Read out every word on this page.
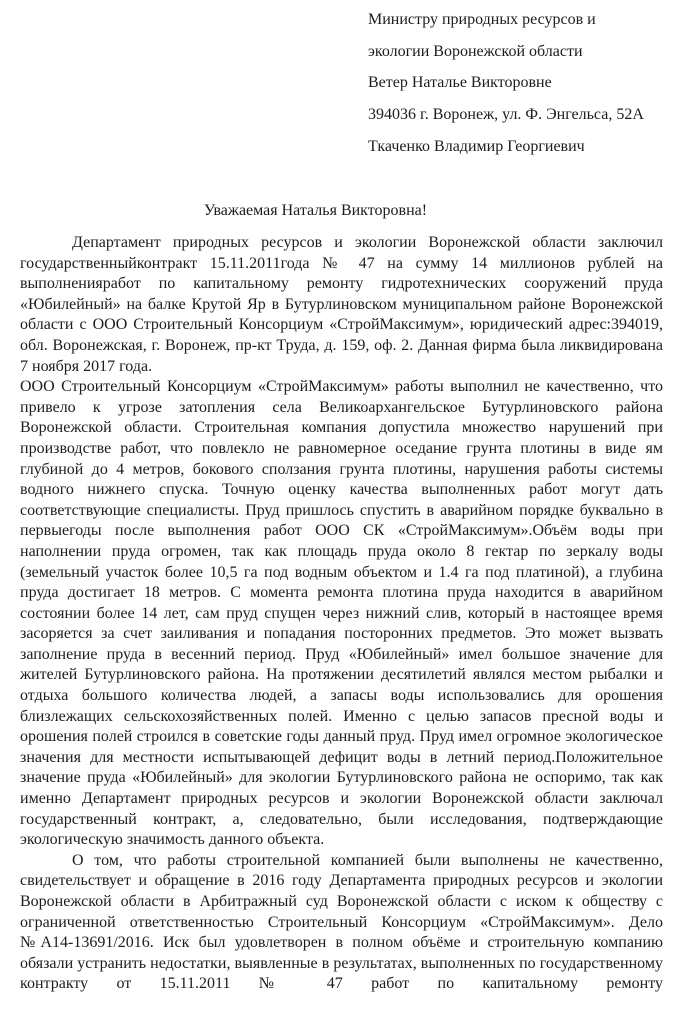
Министру природных ресурсов и
экологии Воронежской области
Ветер Наталье Викторовне
394036 г. Воронеж, ул. Ф. Энгельса, 52А
Ткаченко Владимир Георгиевич
Уважаемая Наталья Викторовна!

Департамент природных ресурсов и экологии Воронежской области заключил государственныйконтракт 15.11.2011года № 47 на сумму 14 миллионов рублей на выполненияработ по капитальному ремонту гидротехнических сооружений пруда «Юбилейный» на балке Крутой Яр в Бутурлиновском муниципальном районе Воронежской области с ООО Строительный Консорциум «СтройМаксимум», юридический адрес:394019, обл. Воронежская, г. Воронеж, пр-кт Труда, д. 159, оф. 2. Данная фирма была ликвидирована 7 ноября 2017 года.

ООО Строительный Консорциум «СтройМаксимум» работы выполнил не качественно, что привело к угрозе затопления села Великоархангельское Бутурлиновского района Воронежской области. Строительная компания допустила множество нарушений при производстве работ, что повлекло не равномерное оседание грунта плотины в виде ям глубиной до 4 метров, бокового сползания грунта плотины, нарушения работы системы водного нижнего спуска. Точную оценку качества выполненных работ могут дать соответствующие специалисты. Пруд пришлось спустить в аварийном порядке буквально в первыегоды после выполнения работ ООО СК «СтройМаксимум».Объём воды при наполнении пруда огромен, так как площадь пруда около 8 гектар по зеркалу воды (земельный участок более 10,5 га под водным объектом и 1.4 га под платиной), а глубина пруда достигает 18 метров. С момента ремонта плотина пруда находится в аварийном состоянии более 14 лет, сам пруд спущен через нижний слив, который в настоящее время засоряется за счет заиливания и попадания посторонних предметов. Это может вызвать заполнение пруда в весенний период. Пруд «Юбилейный» имел большое значение для жителей Бутурлиновского района. На протяжении десятилетий являлся местом рыбалки и отдыха большого количества людей, а запасы воды использовались для орошения близлежащих сельскохозяйственных полей. Именно с целью запасов пресной воды и орошения полей строился в советские годы данный пруд. Пруд имел огромное экологическое значения для местности испытывающей дефицит воды в летний период.Положительное значение пруда «Юбилейный» для экологии Бутурлиновского района не оспоримо, так как именно Департамент природных ресурсов и экологии Воронежской области заключал государственный контракт, а, следовательно, были исследования, подтверждающие экологическую значимость данного объекта.

О том, что работы строительной компанией были выполнены не качественно, свидетельствует и обращение в 2016 году Департамента природных ресурсов и экологии Воронежской области в Арбитражный суд Воронежской области с иском к обществу с ограниченной ответственностью Строительный Консорциум «СтройМаксимум». Дело №А14-13691/2016. Иск был удовлетворен в полном объёме и строительную компанию обязали устранить недостатки, выявленные в результатах, выполненных по государственному контракту от 15.11.2011 № 47 работ по капитальному ремонту
